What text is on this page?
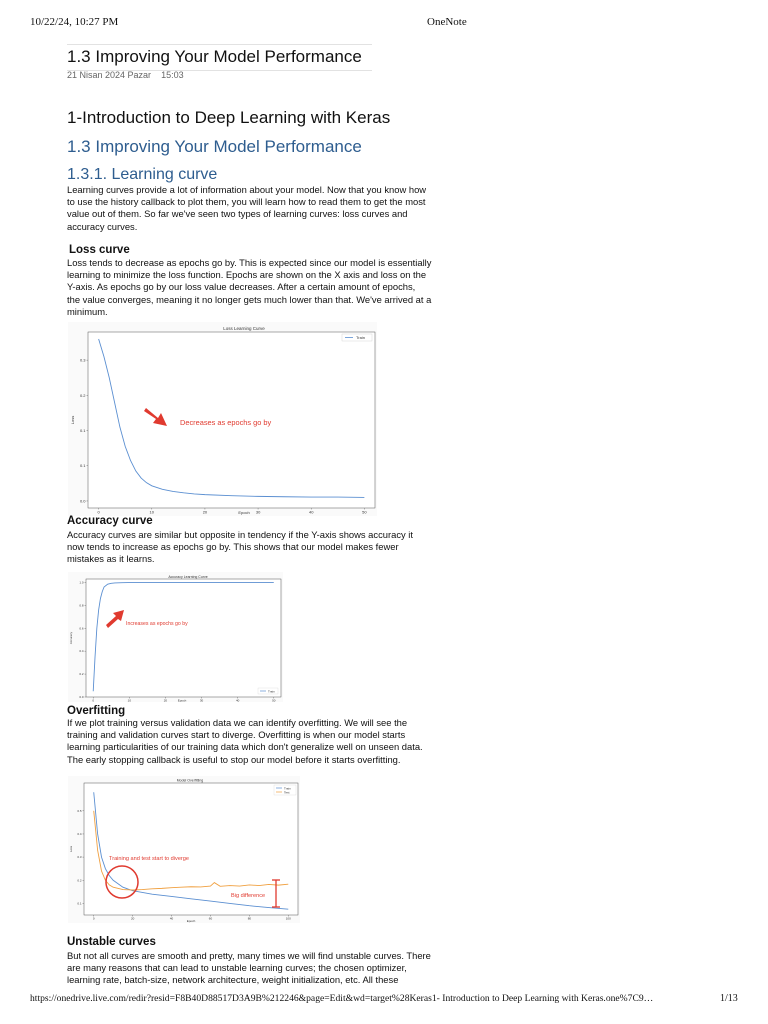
10/22/24, 10:27 PM	OneNote
1.3 Improving Your Model Performance
21 Nisan 2024 Pazar 15:03
1-Introduction to Deep Learning with Keras
1.3 Improving Your Model Performance
1.3.1. Learning curve
Learning curves provide a lot of information about your model. Now that you know how
to use the history callback to plot them, you will learn how to read them to get the most
value out of them. So far we've seen two types of learning curves: loss curves and
accuracy curves.
Loss curve
Loss tends to decrease as epochs go by. This is expected since our model is essentially
learning to minimize the loss function. Epochs are shown on the X axis and loss on the
Y-axis. As epochs go by our loss value decreases. After a certain amount of epochs,
the value converges, meaning it no longer gets much lower than that. We've arrived at a
minimum.
Loss Learning Curve
0.0
0.1
0.1
0.2
0.3
0	10	20	30	40	50
Epoch
Loss
Train
Decreases as epochs go by
Accuracy curve
Accuracy curves are similar but opposite in tendency if the Y-axis shows accuracy it
now tends to increase as epochs go by. This shows that our model makes fewer
mistakes as it learns.
Accuracy Learning Curve
0.0
0.2
0.4
0.6
0.8
1.0
0	10	20	30	40	50
Epoch
Accuracy
Train
Increases as epochs go by
Overfitting
If we plot training versus validation data we can identify overfitting. We will see the
training and validation curves start to diverge. Overfitting is when our model starts
learning particularities of our training data which don't generalize well on unseen data.
The early stopping callback is useful to stop our model before it starts overfitting.
Model Overfitting
0.1
0.2
0.3
0.4
0.5
0	20	40	60	80	100
Epoch
Loss
Train
Test
Training and test start to diverge
Big difference
Unstable curves
But not all curves are smooth and pretty, many times we will find unstable curves. There
are many reasons that can lead to unstable learning curves; the chosen optimizer,
learning rate, batch-size, network architecture, weight initialization, etc. All these
https://onedrive.live.com/redir?resid=F8B40D88517D3A9B%212246&page=Edit&wd=target%28Keras1- Introduction to Deep Learning with Keras.one%7C9…	1/13
